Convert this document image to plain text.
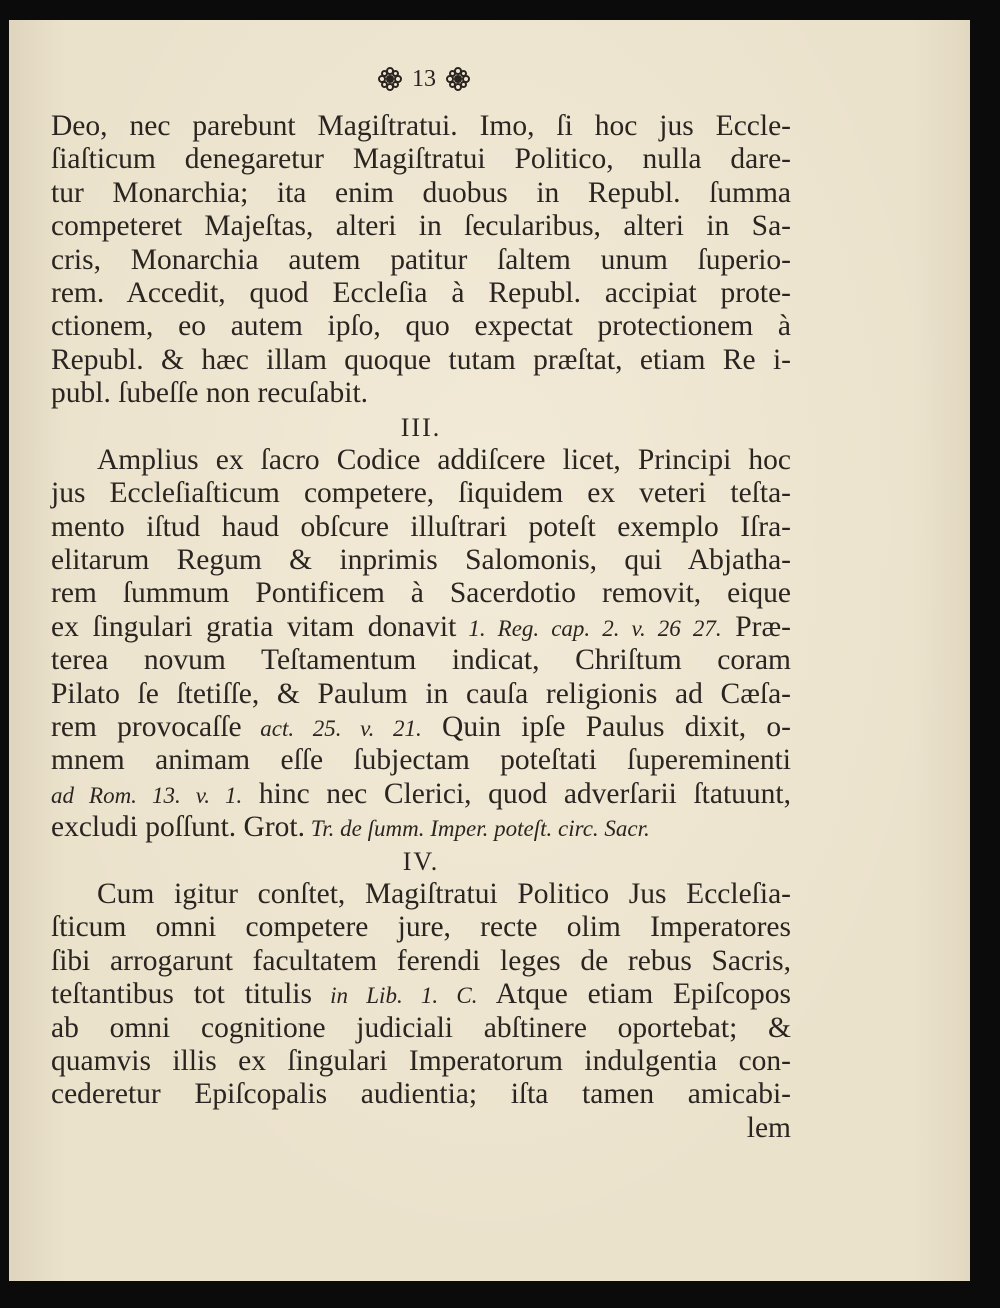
13
Deo, nec parebunt Magiſtratui. Imo, ſi hoc jus Eccle-
ſiaſticum denegaretur Magiſtratui Politico, nulla dare-
tur Monarchia; ita enim duobus in Republ. ſumma
competeret Majeſtas, alteri in ſecularibus, alteri in Sa-
cris, Monarchia autem patitur ſaltem unum ſuperio-
rem. Accedit, quod Eccleſia à Republ. accipiat prote-
ctionem, eo autem ipſo, quo expectat protectionem à
Republ. & hæc illam quoque tutam præſtat, etiam Re i-
publ. ſubeſſe non recuſabit.
III.
Amplius ex ſacro Codice addiſcere licet, Principi hoc
jus Eccleſiaſticum competere, ſiquidem ex veteri teſta-
mento iſtud haud obſcure illuſtrari poteſt exemplo Iſra-
elitarum Regum & inprimis Salomonis, qui Abjatha-
rem ſummum Pontificem à Sacerdotio removit, eique
ex ſingulari gratia vitam donavit 1. Reg. cap. 2. v. 26 27. Præ-
terea novum Teſtamentum indicat, Chriſtum coram
Pilato ſe ſtetiſſe, & Paulum in cauſa religionis ad Cæſa-
rem provocaſſe act. 25. v. 21. Quin ipſe Paulus dixit, o-
mnem animam eſſe ſubjectam poteſtati ſupereminenti
ad Rom. 13. v. 1. hinc nec Clerici, quod adverſarii ſtatuunt,
excludi poſſunt. Grot. Tr. de ſumm. Imper. poteſt. circ. Sacr.
IV.
Cum igitur conſtet, Magiſtratui Politico Jus Eccleſia-
ſticum omni competere jure, recte olim Imperatores
ſibi arrogarunt facultatem ferendi leges de rebus Sacris,
teſtantibus tot titulis in Lib. 1. C. Atque etiam Epiſcopos
ab omni cognitione judiciali abſtinere oportebat; &
quamvis illis ex ſingulari Imperatorum indulgentia con-
cederetur Epiſcopalis audientia; iſta tamen amicabi-
lem
